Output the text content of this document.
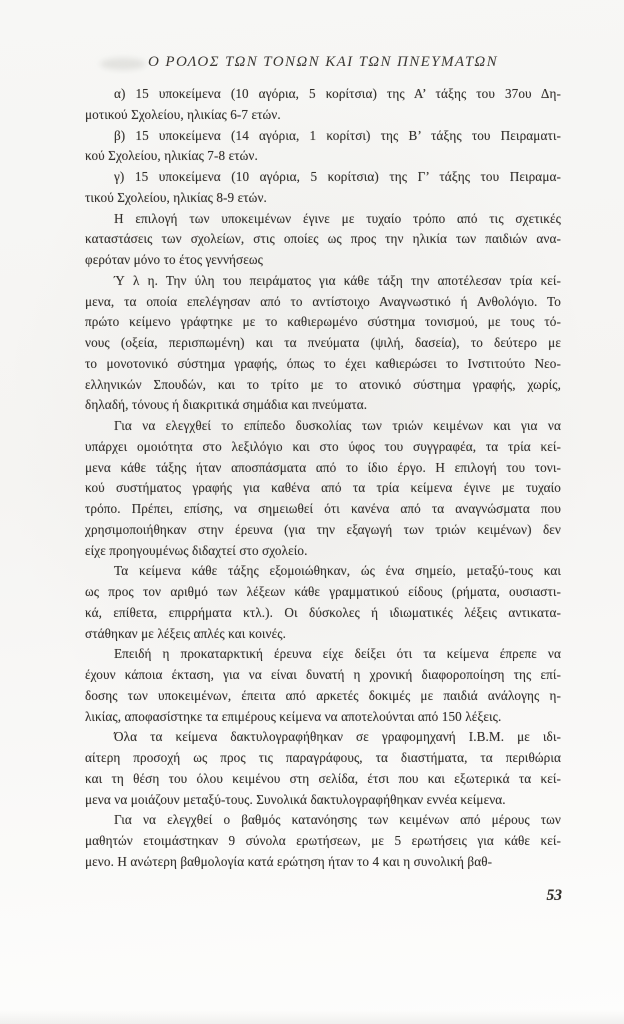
Ο ΡΟΛΟΣ ΤΩΝ ΤΟΝΩΝ ΚΑΙ ΤΩΝ ΠΝΕΥΜΑΤΩΝ
α) 15 υποκείμενα (10 αγόρια, 5 κορίτσια) της Α’ τάξης του 37ου Δη-
μοτικού Σχολείου, ηλικίας 6-7 ετών.
β) 15 υποκείμενα (14 αγόρια, 1 κορίτσι) της Β’ τάξης του Πειραματι-
κού Σχολείου, ηλικίας 7-8 ετών.
γ) 15 υποκείμενα (10 αγόρια, 5 κορίτσια) της Γ’ τάξης του Πειραμα-
τικού Σχολείου, ηλικίας 8-9 ετών.
Η επιλογή των υποκειμένων έγινε με τυχαίο τρόπο από τις σχετικές
καταστάσεις των σχολείων, στις οποίες ως προς την ηλικία των παιδιών ανα-
φερόταν μόνο το έτος γεννήσεως
Ύ λ η. Την ύλη του πειράματος για κάθε τάξη την αποτέλεσαν τρία κεί-
μενα, τα οποία επελέγησαν από το αντίστοιχο Αναγνωστικό ή Ανθολόγιο. Το
πρώτο κείμενο γράφτηκε με το καθιερωμένο σύστημα τονισμού, με τους τό-
νους (οξεία, περισπωμένη) και τα πνεύματα (ψιλή, δασεία), το δεύτερο με
το μονοτονικό σύστημα γραφής, όπως το έχει καθιερώσει το Ινστιτούτο Νεο-
ελληνικών Σπουδών, και το τρίτο με το ατονικό σύστημα γραφής, χωρίς,
δηλαδή, τόνους ή διακριτικά σημάδια και πνεύματα.
Για να ελεγχθεί το επίπεδο δυσκολίας των τριών κειμένων και για να
υπάρχει ομοιότητα στο λεξιλόγιο και στο ύφος του συγγραφέα, τα τρία κεί-
μενα κάθε τάξης ήταν αποσπάσματα από το ίδιο έργο. Η επιλογή του τονι-
κού συστήματος γραφής για καθένα από τα τρία κείμενα έγινε με τυχαίο
τρόπο. Πρέπει, επίσης, να σημειωθεί ότι κανένα από τα αναγνώσματα που
χρησιμοποιήθηκαν στην έρευνα (για την εξαγωγή των τριών κειμένων) δεν
είχε προηγουμένως διδαχτεί στο σχολείο.
Τα κείμενα κάθε τάξης εξομοιώθηκαν, ώς ένα σημείο, μεταξύ-τους και
ως προς τον αριθμό των λέξεων κάθε γραμματικού είδους (ρήματα, ουσιαστι-
κά, επίθετα, επιρρήματα κτλ.). Οι δύσκολες ή ιδιωματικές λέξεις αντικατα-
στάθηκαν με λέξεις απλές και κοινές.
Επειδή η προκαταρκτική έρευνα είχε δείξει ότι τα κείμενα έπρεπε να
έχουν κάποια έκταση, για να είναι δυνατή η χρονική διαφοροποίηση της επί-
δοσης των υποκειμένων, έπειτα από αρκετές δοκιμές με παιδιά ανάλογης η-
λικίας, αποφασίστηκε τα επιμέρους κείμενα να αποτελούνται από 150 λέξεις.
Όλα τα κείμενα δακτυλογραφήθηκαν σε γραφομηχανή I.B.M. με ιδι-
αίτερη προσοχή ως προς τις παραγράφους, τα διαστήματα, τα περιθώρια
και τη θέση του όλου κειμένου στη σελίδα, έτσι που και εξωτερικά τα κεί-
μενα να μοιάζουν μεταξύ-τους. Συνολικά δακτυλογραφήθηκαν εννέα κείμενα.
Για να ελεγχθεί ο βαθμός κατανόησης των κειμένων από μέρους των
μαθητών ετοιμάστηκαν 9 σύνολα ερωτήσεων, με 5 ερωτήσεις για κάθε κεί-
μενο. Η ανώτερη βαθμολογία κατά ερώτηση ήταν το 4 και η συνολική βαθ-
53
